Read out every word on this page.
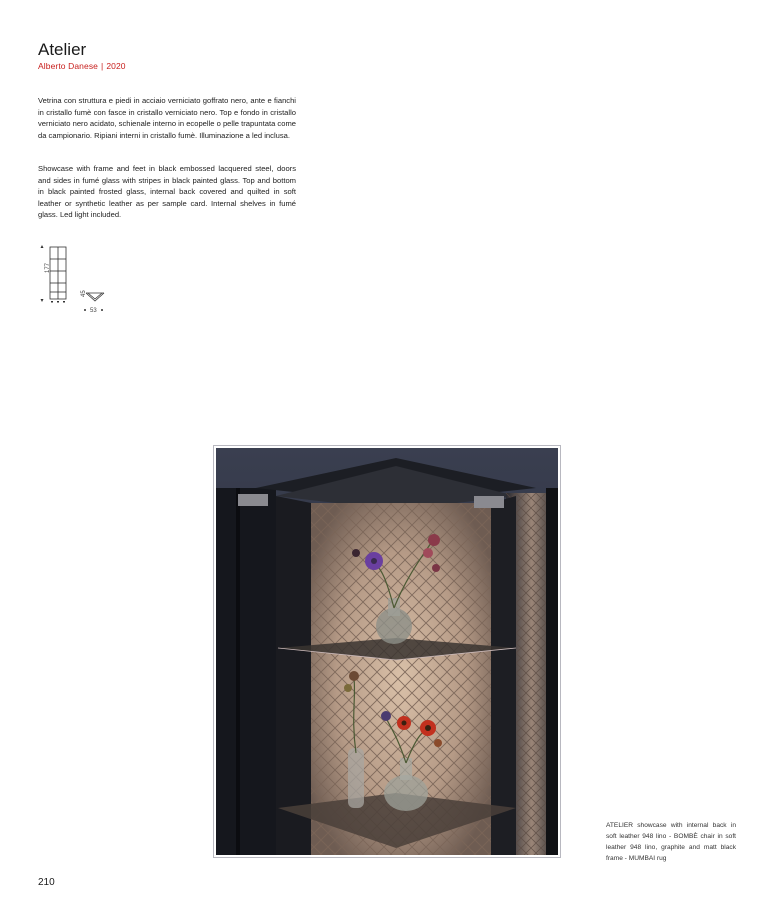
Atelier
Alberto Danese | 2020
Vetrina con struttura e piedi in acciaio verniciato goffrato nero, ante e fianchi in cristallo fumè con fasce in cristallo verniciato nero. Top e fondo in cristallo verniciato nero acidato, schienale interno in ecopelle o pelle trapuntata come da campionario. Ripiani interni in cristallo fumè. Illuminazione a led inclusa.
Showcase with frame and feet in black embossed lacquered steel, doors and sides in fumé glass with stripes in black painted glass. Top and bottom in black painted frosted glass, internal back covered and quilted in soft leather or synthetic leather as per sample card. Internal shelves in fumé glass. Led light included.
177
45
53
ATELIER showcase with internal back in soft leather 948 lino - BOMBÈ chair in soft leather 948 lino, graphite and matt black frame - MUMBAI rug
210
